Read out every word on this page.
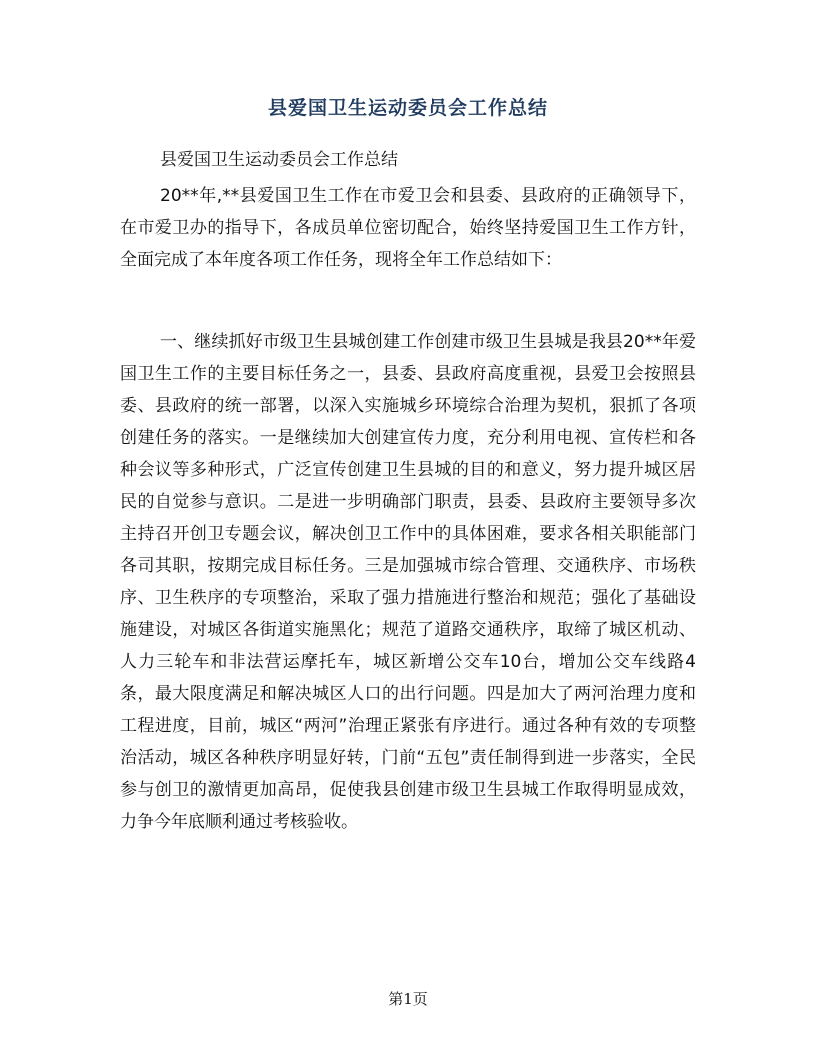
县爱国卫生运动委员会工作总结

县爱国卫生运动委员会工作总结

20**年,**县爱国卫生工作在市爱卫会和县委、县政府的正确领导下，在市爱卫办的指导下，各成员单位密切配合，始终坚持爱国卫生工作方针，全面完成了本年度各项工作任务，现将全年工作总结如下：

一、继续抓好市级卫生县城创建工作创建市级卫生县城是我县20**年爱国卫生工作的主要目标任务之一，县委、县政府高度重视，县爱卫会按照县委、县政府的统一部署，以深入实施城乡环境综合治理为契机，狠抓了各项创建任务的落实。一是继续加大创建宣传力度，充分利用电视、宣传栏和各种会议等多种形式，广泛宣传创建卫生县城的目的和意义，努力提升城区居民的自觉参与意识。二是进一步明确部门职责，县委、县政府主要领导多次主持召开创卫专题会议，解决创卫工作中的具体困难，要求各相关职能部门各司其职，按期完成目标任务。三是加强城市综合管理、交通秩序、市场秩序、卫生秩序的专项整治，采取了强力措施进行整治和规范；强化了基础设施建设，对城区各街道实施黑化；规范了道路交通秩序，取缔了城区机动、人力三轮车和非法营运摩托车，城区新增公交车10台，增加公交车线路4条，最大限度满足和解决城区人口的出行问题。四是加大了两河治理力度和工程进度，目前，城区“两河”治理正紧张有序进行。通过各种有效的专项整治活动，城区各种秩序明显好转，门前“五包”责任制得到进一步落实，全民参与创卫的激情更加高昂，促使我县创建市级卫生县城工作取得明显成效，力争今年底顺利通过考核验收。

第1页
